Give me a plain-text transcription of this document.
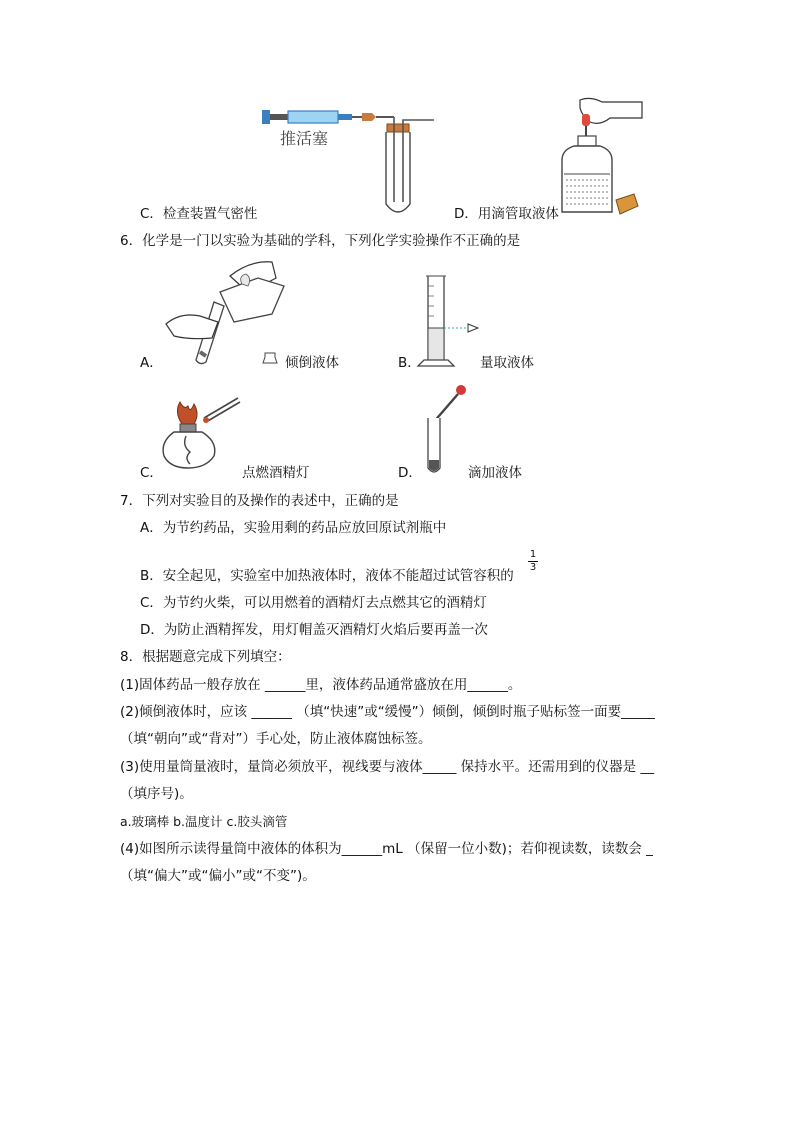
推活塞
C．检查装置气密性	D．用滴管取液体
6．化学是一门以实验为基础的学科，下列化学实验操作不正确的是
A．	倾倒液体	B．	量取液体
C．	点燃酒精灯	D．	滴加液体
7．下列对实验目的及操作的表述中，正确的是
A．为节约药品，实验用剩的药品应放回原试剂瓶中
B．安全起见，实验室中加热液体时，液体不能超过试管容积的
1
3
C．为节约火柴，可以用燃着的酒精灯去点燃其它的酒精灯
D．为防止酒精挥发，用灯帽盖灭酒精灯火焰后要再盖一次
8．根据题意完成下列填空：
(1)固体药品一般存放在 ______里，液体药品通常盛放在用______。
(2)倾倒液体时，应该 ______ （填“快速”或“缓慢”）倾倒，倾倒时瓶子贴标签一面要_____
（填“朝向”或“背对”）手心处，防止液体腐蚀标签。
(3)使用量筒量液时，量筒必须放平，视线要与液体_____ 保持水平。还需用到的仪器是 __
（填序号)。
a.玻璃棒 b.温度计 c.胶头滴管
(4)如图所示读得量筒中液体的体积为______mL （保留一位小数)；若仰视读数，读数会 _
（填“偏大”或“偏小”或“不变”)。
